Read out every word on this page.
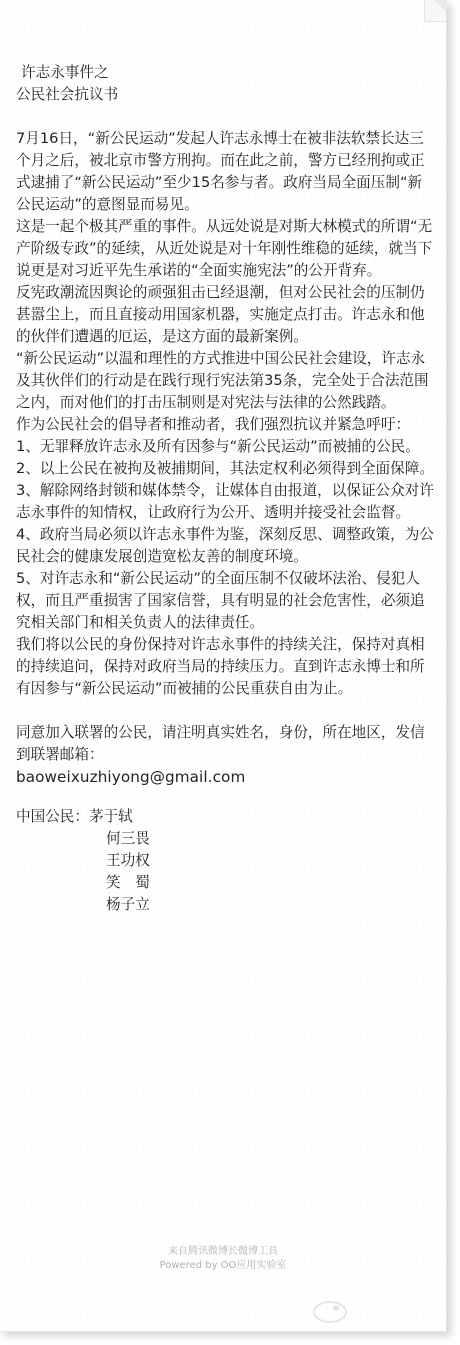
许志永事件之

公民社会抗议书

7月16日，“新公民运动”发起人许志永博士在被非法软禁长达三个月之后，被北京市警方刑拘。而在此之前，警方已经刑拘或正式逮捕了“新公民运动”至少15名参与者。政府当局全面压制“新公民运动”的意图显而易见。

这是一起个极其严重的事件。从远处说是对斯大林模式的所谓“无产阶级专政”的延续，从近处说是对十年刚性维稳的延续，就当下说更是对习近平先生承诺的“全面实施宪法”的公开背弃。

反宪政潮流因舆论的顽强狙击已经退潮，但对公民社会的压制仍甚嚣尘上，而且直接动用国家机器，实施定点打击。许志永和他的伙伴们遭遇的厄运，是这方面的最新案例。

“新公民运动”以温和理性的方式推进中国公民社会建设，许志永及其伙伴们的行动是在践行现行宪法第35条，完全处于合法范围之内，而对他们的打击压制则是对宪法与法律的公然践踏。

作为公民社会的倡导者和推动者，我们强烈抗议并紧急呼吁：

1、无罪释放许志永及所有因参与“新公民运动”而被捕的公民。

2、以上公民在被拘及被捕期间，其法定权利必须得到全面保障。

3、解除网络封锁和媒体禁令，让媒体自由报道，以保证公众对许志永事件的知情权，让政府行为公开、透明并接受社会监督。

4、政府当局必须以许志永事件为鉴，深刻反思、调整政策，为公民社会的健康发展创造宽松友善的制度环境。

5、对许志永和“新公民运动”的全面压制不仅破坏法治、侵犯人权，而且严重损害了国家信誉，具有明显的社会危害性，必须追究相关部门和相关负责人的法律责任。

我们将以公民的身份保持对许志永事件的持续关注，保持对真相的持续追问，保持对政府当局的持续压力。直到许志永博士和所有因参与“新公民运动”而被捕的公民重获自由为止。

同意加入联署的公民，请注明真实姓名，身份，所在地区，发信到联署邮箱：

baoweixuzhiyong@gmail.com

中国公民：茅于轼
何三畏
王功权
笑　蜀
杨子立
来自腾讯微博长微博工具
Powered by OO应用实验室
